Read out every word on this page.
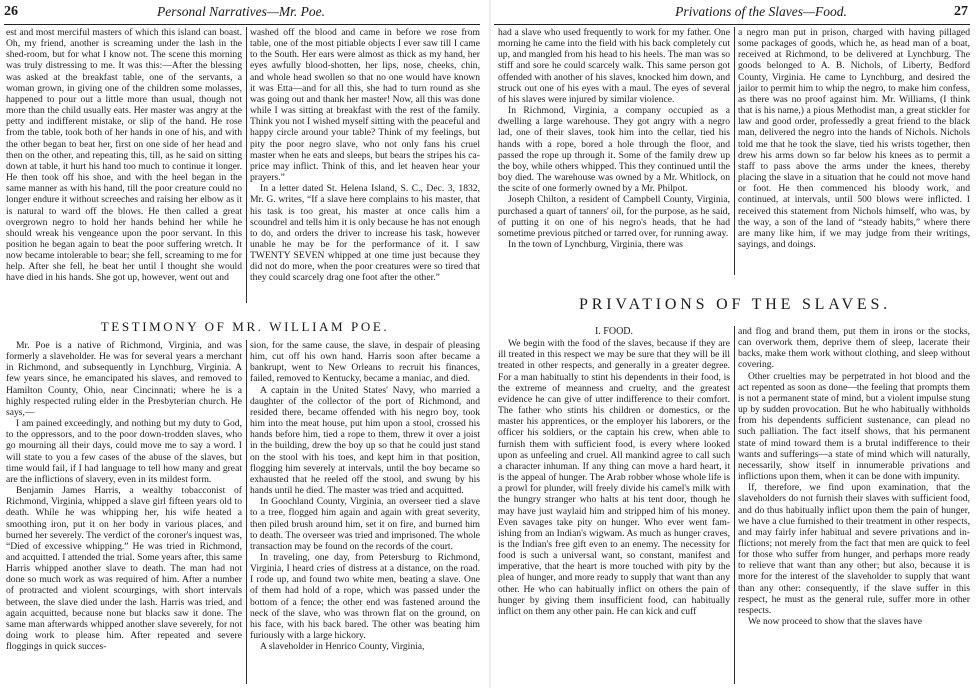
26	Personal Narratives—Mr. Poe.

est and most merciful masters of which this island can boast. Oh, my friend, another is screaming under the lash in the shed-room, but for what I know not. The scene this morning was truly distressing to me. It was this:—After the blessing was asked at the breakfast table, one of the servants, a woman grown, in giving one of the children some molasses, happened to pour out a little more than usual, though not more than the child usually eats. Her master was angry at the petty and indifferent mistake, or slip of the hand. He rose from the table, took both of her hands in one of his, and with the other began to beat her, first on one side of her head and then on the other, and repeating this, till, as he said on sitting down at table, it hurt his hand too much to continue it longer. He then took off his shoe, and with the heel began in the same manner as with his hand, till the poor creature could no longer endure it without screeches and raising her elbow as it is natural to ward off the blows. He then called a great overgrown negro to hold her hands behind her while he should wreak his vengeance upon the poor servant. In this position he began again to beat the poor suffering wretch. It now became intolerable to bear; she fell, screaming to me for help. After she fell, he beat her until I thought she would have died in his hands. She got up, however, went out and

washed off the blood and came in before we rose from table, one of the most pitiable objects I ever saw till I came to the South. Her ears were almost as thick as my hand, her eyes awfully blood-shotten, her lips, nose, cheeks, chin, and whole head swollen so that no one would have known it was Etta—and for all this, she had to turn round as she was going out and thank her master! Now, all this was done while I was sitting at breakfast with the rest of the family. Think you not I wished myself sitting with the peaceful and happy circle around your table? Think of my feelings, but pity the poor negro slave, who not only fans his cruel master when he eats and sleeps, but bears the stripes his caprice may inflict. Think of this, and let heaven hear your prayers.”

In a letter dated St. Helena Island, S. C., Dec. 3, 1832, Mr. G. writes, “If a slave here complains to his master, that his task is too great, his master at once calls him a scoundrel and tells him it is only because he has not enough to do, and orders the driver to increase his task, however unable he may be for the performance of it. I saw TWENTY SEVEN whipped at one time just because they did not do more, when the poor creatures were so tired that they could scarcely drag one foot after the other.”

TESTIMONY OF MR. WILLIAM POE.

Mr. Poe is a native of Richmond, Virginia, and was formerly a slaveholder. He was for several years a merchant in Richmond, and subsequently in Lynchburg, Virginia. A few years since, he emancipated his slaves, and removed to Hamilton County, Ohio, near Cincinnati; where he is a highly respected ruling elder in the Presbyterian church. He says,—

I am pained exceedingly, and nothing but my duty to God, to the oppressors, and to the poor down-trodden slaves, who go mourning all their days, could move me to say a word. I will state to you a few cases of the abuse of the slaves, but time would fail, if I had language to tell how many and great are the inflictions of slavery, even in its mildest form.

Benjamin James Harris, a wealthy tobacconist of Richmond, Virginia, whipped a slave girl fifteen years old to death. While he was whipping her, his wife heated a smoothing iron, put it on her body in various places, and burned her severely. The verdict of the coroner's inquest was, “Died of excessive whipping.” He was tried in Richmond, and acquitted. I attended the trial. Some years after, this same Harris whipped another slave to death. The man had not done so much work as was required of him. After a number of protracted and violent scourgings, with short intervals between, the slave died under the lash. Harris was tried, and again acquitted, because none but blacks saw it done. The same man afterwards whipped another slave severely, for not doing work to please him. After repeated and severe floggings in quick succes-

sion, for the same cause, the slave, in despair of pleasing him, cut off his own hand. Harris soon after became a bankrupt, went to New Orleans to recruit his finances, failed, removed to Kentucky, became a maniac, and died.

A captain in the United States' Navy, who married a daughter of the collector of the port of Richmond, and resided there, became offended with his negro boy, took him into the meat house, put him upon a stool, crossed his hands before him, tied a rope to them, threw it over a joist in the building, drew the boy up so that he could just stand on the stool with his toes, and kept him in that position, flogging him severely at intervals, until the boy became so exhausted that he reeled off the stool, and swung by his hands until he died. The master was tried and acquitted.

In Goochland County, Virginia, an overseer tied a slave to a tree, flogged him again and again with great severity, then piled brush around him, set it on fire, and burned him to death. The overseer was tried and imprisoned. The whole transaction may be found on the records of the court.

In traveling, one day, from Petersburg to Richmond, Virginia, I heard cries of distress at a distance, on the road. I rode up, and found two white men, beating a slave. One of them had hold of a rope, which was passed under the bottom of a fence; the other end was fastened around the neck of the slave, who was thrown flat on the ground, on his face, with his back bared. The other was beating him furiously with a large hickory.

A slaveholder in Henrico County, Virginia,

Privations of the Slaves—Food.	27

had a slave who used frequently to work for my father. One morning he came into the field with his back completely cut up, and mangled from his head to his heels. The man was so stiff and sore he could scarcely walk. This same person got offended with another of his slaves, knocked him down, and struck out one of his eyes with a maul. The eyes of several of his slaves were injured by similar violence.

In Richmond, Virginia, a company occupied as a dwelling a large warehouse. They got angry with a negro lad, one of their slaves, took him into the cellar, tied his hands with a rope, bored a hole through the floor, and passed the rope up through it. Some of the family drew up the boy, while others whipped. This they continued until the boy died. The warehouse was owned by a Mr. Whitlock, on the scite of one formerly owned by a Mr. Philpot.

Joseph Chilton, a resident of Campbell County, Virginia, purchased a quart of tanners' oil, for the purpose, as he said, of putting it on one of his negro's heads, that he had sometime previous pitched or tarred over, for running away.

In the town of Lynchburg, Virginia, there was

a negro man put in prison, charged with having pillaged some packages of goods, which he, as head man of a boat, received at Richmond, to be delivered at Lynchburg. The goods belonged to A. B. Nichols, of Liberty, Bedford County, Virginia. He came to Lynchburg, and desired the jailor to permit him to whip the negro, to make him confess, as there was no proof against him. Mr. Williams, (I think that is his name,) a pious Methodist man, a great stickler for law and good order, professedly a great friend to the black man, delivered the negro into the hands of Nichols. Nichols told me that he took the slave, tied his wrists together, then drew his arms down so far below his knees as to permit a staff to pass above the arms under the knees, thereby placing the slave in a situation that he could not move hand or foot. He then commenced his bloody work, and continued, at intervals, until 500 blows were inflicted. I received this statement from Nichols himself, who was, by the way, a son of the land of “steady habits,” where there are many like him, if we may judge from their writings, sayings, and doings.

PRIVATIONS OF THE SLAVES.
I. FOOD.

We begin with the food of the slaves, because if they are ill treated in this respect we may be sure that they will be ill treated in other respects, and generally in a greater degree. For a man habitually to stint his dependents in their food, is the extreme of meanness and cruelty, and the greatest evidence he can give of utter indifference to their comfort. The father who stints his children or domestics, or the master his apprentices, or the employer his laborers, or the officer his soldiers, or the captain his crew, when able to furnish them with sufficient food, is every where looked upon as unfeeling and cruel. All mankind agree to call such a character inhuman. If any thing can move a hard heart, it is the appeal of hunger. The Arab robber whose whole life is a prowl for plunder, will freely divide his camel's milk with the hungry stranger who halts at his tent door, though he may have just waylaid him and stripped him of his money. Even savages take pity on hunger. Who ever went famishing from an Indian's wigwam. As much as hunger craves, is the Indian's free gift even to an enemy. The necessity for food is such a universal want, so constant, manifest and imperative, that the heart is more touched with pity by the plea of hunger, and more ready to supply that want than any other. He who can habitually inflict on others the pain of hunger by giving them insufficient food, can habitually inflict on them any other pain. He can kick and cuff

and flog and brand them, put them in irons or the stocks, can overwork them, deprive them of sleep, lacerate their backs, make them work without clothing, and sleep without covering.

Other cruelties may be perpetrated in hot blood and the act repented as soon as done—the feeling that prompts them is not a permanent state of mind, but a violent impulse stung up by sudden provocation. But he who habitually withholds from his dependents sufficient sustenance, can plead no such palliation. The fact itself shows, that his permanent state of mind toward them is a brutal indifference to their wants and sufferings—a state of mind which will naturally, necessarily, show itself in innumerable privations and inflictions upon them, when it can be done with impunity.

If, therefore, we find upon examination, that the slaveholders do not furnish their slaves with sufficient food, and do thus habitually inflict upon them the pain of hunger, we have a clue furnished to their treatment in other respects, and may fairly infer habitual and severe privations and inflictions; not merely from the fact that men are quick to feel for those who suffer from hunger, and perhaps more ready to relieve that want than any other; but also, because it is more for the interest of the slaveholder to supply that want than any other: consequently, if the slave suffer in this respect, he must as the general rule, suffer more in other respects.

We now proceed to show that the slaves have
